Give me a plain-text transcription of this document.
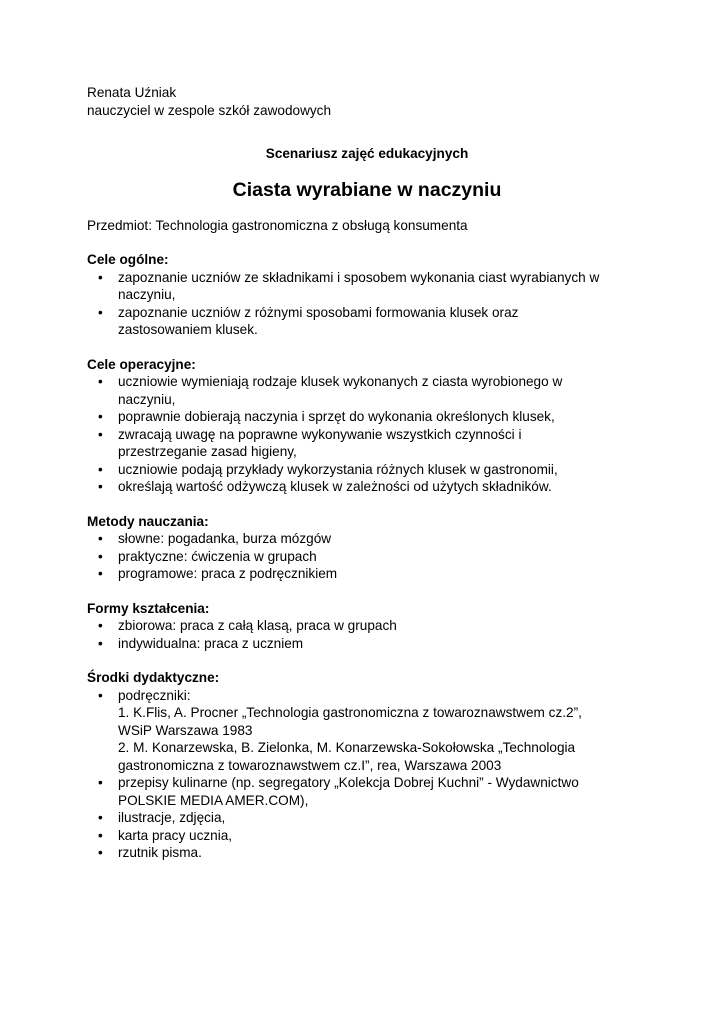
Renata Uźniak
nauczyciel w zespole szkół zawodowych
Scenariusz zajęć edukacyjnych
Ciasta wyrabiane w naczyniu
Przedmiot: Technologia gastronomiczna z obsługą konsumenta
Cele ogólne:
• zapoznanie uczniów ze składnikami i sposobem wykonania ciast wyrabianych w
naczyniu,
• zapoznanie uczniów z różnymi sposobami formowania klusek oraz
zastosowaniem klusek.
Cele operacyjne:
• uczniowie wymieniają rodzaje klusek wykonanych z ciasta wyrobionego w
naczyniu,
• poprawnie dobierają naczynia i sprzęt do wykonania określonych klusek,
• zwracają uwagę na poprawne wykonywanie wszystkich czynności i
przestrzeganie zasad higieny,
• uczniowie podają przykłady wykorzystania różnych klusek w gastronomii,
• określają wartość odżywczą klusek w zależności od użytych składników.
Metody nauczania:
• słowne: pogadanka, burza mózgów
• praktyczne: ćwiczenia w grupach
• programowe: praca z podręcznikiem
Formy kształcenia:
• zbiorowa: praca z całą klasą, praca w grupach
• indywidualna: praca z uczniem
Środki dydaktyczne:
• podręczniki:
1. K.Flis, A. Procner „Technologia gastronomiczna z towaroznawstwem cz.2”,
WSiP Warszawa 1983
2. M. Konarzewska, B. Zielonka, M. Konarzewska-Sokołowska „Technologia
gastronomiczna z towaroznawstwem cz.I”, rea, Warszawa 2003
• przepisy kulinarne (np. segregatory „Kolekcja Dobrej Kuchni” - Wydawnictwo
POLSKIE MEDIA AMER.COM),
• ilustracje, zdjęcia,
• karta pracy ucznia,
• rzutnik pisma.
